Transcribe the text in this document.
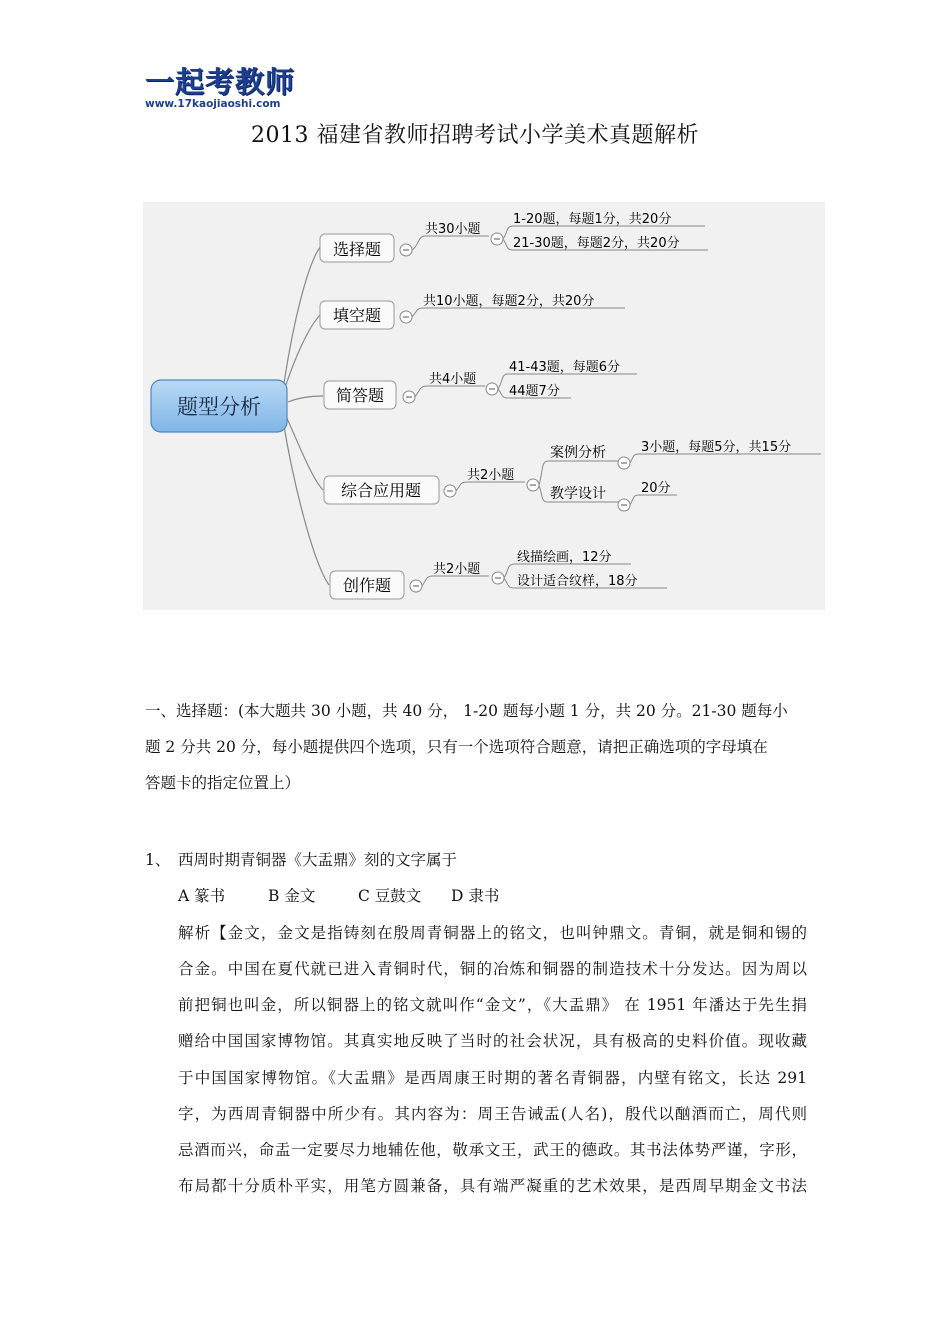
一起考教师
www.17kaojiaoshi.com
2013 福建省教师招聘考试小学美术真题解析
题型分析
选择题
共30小题
1-20题，每题1分，共20分
21-30题，每题2分，共20分
填空题
共10小题，每题2分，共20分
简答题
共4小题
41-43题，每题6分
44题7分
综合应用题
共2小题
案例分析
教学设计
3小题，每题5分，共15分
20分
创作题
共2小题
线描绘画，12分
设计适合纹样，18分
一、选择题：(本大题共 30 小题，共 40 分， 1-20 题每小题 1 分，共 20 分。21-30 题每小
题 2 分共 20 分，每小题提供四个选项，只有一个选项符合题意，请把正确选项的字母填在
答题卡的指定位置上）
1、 西周时期青铜器《大盂鼎》刻的文字属于
A 篆书	B 金文	C 豆鼓文 D 隶书
解析【金文，金文是指铸刻在殷周青铜器上的铭文，也叫钟鼎文。青铜，就是铜和锡的
合金。中国在夏代就已进入青铜时代，铜的冶炼和铜器的制造技术十分发达。因为周以
前把铜也叫金，所以铜器上的铭文就叫作“金文”，《大盂鼎》 在 1951 年潘达于先生捐
赠给中国国家博物馆。其真实地反映了当时的社会状况，具有极高的史料价值。现收藏
于中国国家博物馆。《大盂鼎》是西周康王时期的著名青铜器，内壁有铭文，长达 291
字，为西周青铜器中所少有。其内容为：周王告诫盂(人名)，殷代以酗酒而亡，周代则
忌酒而兴，命盂一定要尽力地辅佐他，敬承文王，武王的德政。其书法体势严谨，字形，
布局都十分质朴平实，用笔方圆兼备，具有端严凝重的艺术效果，是西周早期金文书法
